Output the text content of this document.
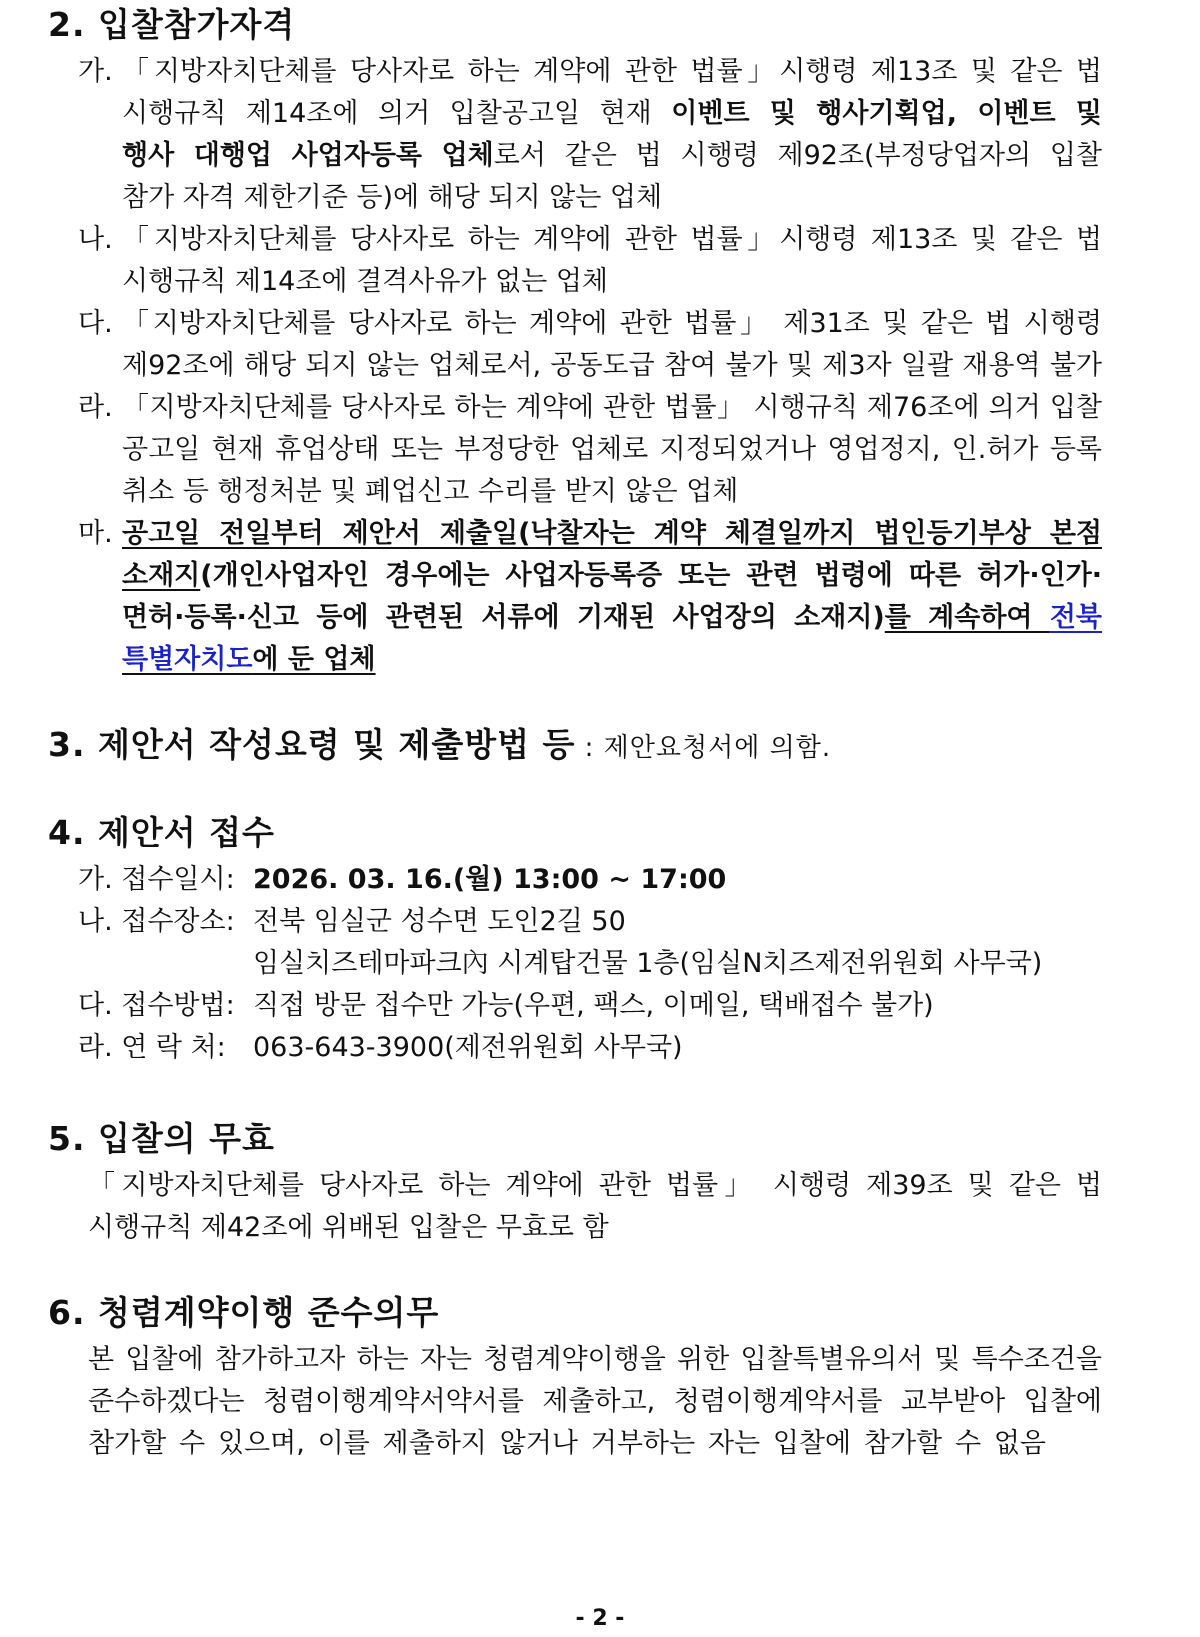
2. 입찰참가자격
가. 「지방자치단체를 당사자로 하는 계약에 관한 법률」시행령 제13조 및 같은 법
시행규칙 제14조에 의거 입찰공고일 현재 이벤트 및 행사기획업, 이벤트 및
행사 대행업 사업자등록 업체로서 같은 법 시행령 제92조(부정당업자의 입찰
참가 자격 제한기준 등)에 해당 되지 않는 업체
나. 「지방자치단체를 당사자로 하는 계약에 관한 법률」시행령 제13조 및 같은 법
시행규칙 제14조에 결격사유가 없는 업체
다. 「지방자치단체를 당사자로 하는 계약에 관한 법률」 제31조 및 같은 법 시행령
제92조에 해당 되지 않는 업체로서, 공동도급 참여 불가 및 제3자 일괄 재용역 불가
라. 「지방자치단체를 당사자로 하는 계약에 관한 법률」 시행규칙 제76조에 의거 입찰
공고일 현재 휴업상태 또는 부정당한 업체로 지정되었거나 영업정지, 인.허가 등록
취소 등 행정처분 및 폐업신고 수리를 받지 않은 업체
마. 공고일 전일부터 제안서 제출일(낙찰자는 계약 체결일까지 법인등기부상 본점
소재지(개인사업자인 경우에는 사업자등록증 또는 관련 법령에 따른 허가·인가·
면허·등록·신고 등에 관련된 서류에 기재된 사업장의 소재지)를 계속하여 전북
특별자치도에 둔 업체
3. 제안서 작성요령 및 제출방법 등 : 제안요청서에 의함.
4. 제안서 접수
가. 접수일시: 2026. 03. 16.(월) 13:00 ~ 17:00
나. 접수장소: 전북 임실군 성수면 도인2길 50
임실치즈테마파크內 시계탑건물 1층(임실N치즈제전위원회 사무국)
다. 접수방법: 직접 방문 접수만 가능(우편, 팩스, 이메일, 택배접수 불가)
라. 연 락 처: 063-643-3900(제전위원회 사무국)
5. 입찰의 무효
「지방자치단체를 당사자로 하는 계약에 관한 법률」 시행령 제39조 및 같은 법
시행규칙 제42조에 위배된 입찰은 무효로 함
6. 청렴계약이행 준수의무
본 입찰에 참가하고자 하는 자는 청렴계약이행을 위한 입찰특별유의서 및 특수조건을
준수하겠다는 청렴이행계약서약서를 제출하고, 청렴이행계약서를 교부받아 입찰에
참가할 수 있으며, 이를 제출하지 않거나 거부하는 자는 입찰에 참가할 수 없음
- 2 -
